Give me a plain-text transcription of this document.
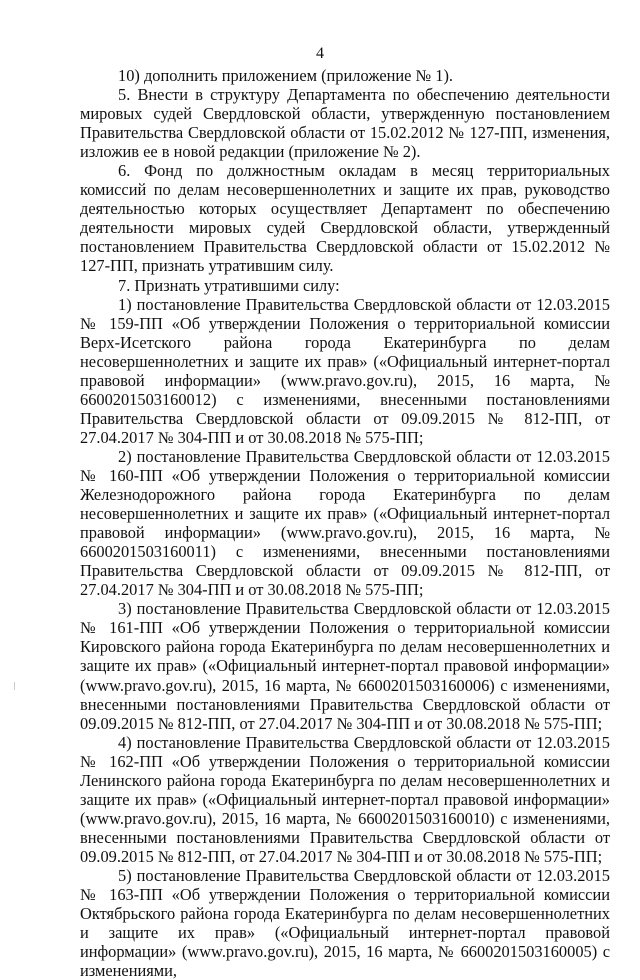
4

10) дополнить приложением (приложение № 1).

5. Внести в структуру Департамента по обеспечению деятельности мировых судей Свердловской области, утвержденную постановлением Правительства Свердловской области от 15.02.2012 № 127-ПП, изменения, изложив ее в новой редакции (приложение № 2).

6. Фонд по должностным окладам в месяц территориальных комиссий по делам несовершеннолетних и защите их прав, руководство деятельностью которых осуществляет Департамент по обеспечению деятельности мировых судей Свердловской области, утвержденный постановлением Правительства Свердловской области от 15.02.2012 № 127-ПП, признать утратившим силу.

7. Признать утратившими силу:

1) постановление Правительства Свердловской области от 12.03.2015 № 159-ПП «Об утверждении Положения о территориальной комиссии Верх-Исетского района города Екатеринбурга по делам несовершеннолетних и защите их прав» («Официальный интернет-портал правовой информации» (www.pravo.gov.ru), 2015, 16 марта, № 6600201503160012) с изменениями, внесенными постановлениями Правительства Свердловской области от 09.09.2015 № 812-ПП, от 27.04.2017 № 304-ПП и от 30.08.2018 № 575-ПП;

2) постановление Правительства Свердловской области от 12.03.2015 № 160-ПП «Об утверждении Положения о территориальной комиссии Железнодорожного района города Екатеринбурга по делам несовершеннолетних и защите их прав» («Официальный интернет-портал правовой информации» (www.pravo.gov.ru), 2015, 16 марта, № 6600201503160011) с изменениями, внесенными постановлениями Правительства Свердловской области от 09.09.2015 № 812-ПП, от 27.04.2017 № 304-ПП и от 30.08.2018 № 575-ПП;

3) постановление Правительства Свердловской области от 12.03.2015 № 161-ПП «Об утверждении Положения о территориальной комиссии Кировского района города Екатеринбурга по делам несовершеннолетних и защите их прав» («Официальный интернет-портал правовой информации» (www.pravo.gov.ru), 2015, 16 марта, № 6600201503160006) с изменениями, внесенными постановлениями Правительства Свердловской области от 09.09.2015 № 812-ПП, от 27.04.2017 № 304-ПП и от 30.08.2018 № 575-ПП;

4) постановление Правительства Свердловской области от 12.03.2015 № 162-ПП «Об утверждении Положения о территориальной комиссии Ленинского района города Екатеринбурга по делам несовершеннолетних и защите их прав» («Официальный интернет-портал правовой информации» (www.pravo.gov.ru), 2015, 16 марта, № 6600201503160010) с изменениями, внесенными постановлениями Правительства Свердловской области от 09.09.2015 № 812-ПП, от 27.04.2017 № 304-ПП и от 30.08.2018 № 575-ПП;

5) постановление Правительства Свердловской области от 12.03.2015 № 163-ПП «Об утверждении Положения о территориальной комиссии Октябрьского района города Екатеринбурга по делам несовершеннолетних и защите их прав» («Официальный интернет-портал правовой информации» (www.pravo.gov.ru), 2015, 16 марта, № 6600201503160005) с изменениями,
